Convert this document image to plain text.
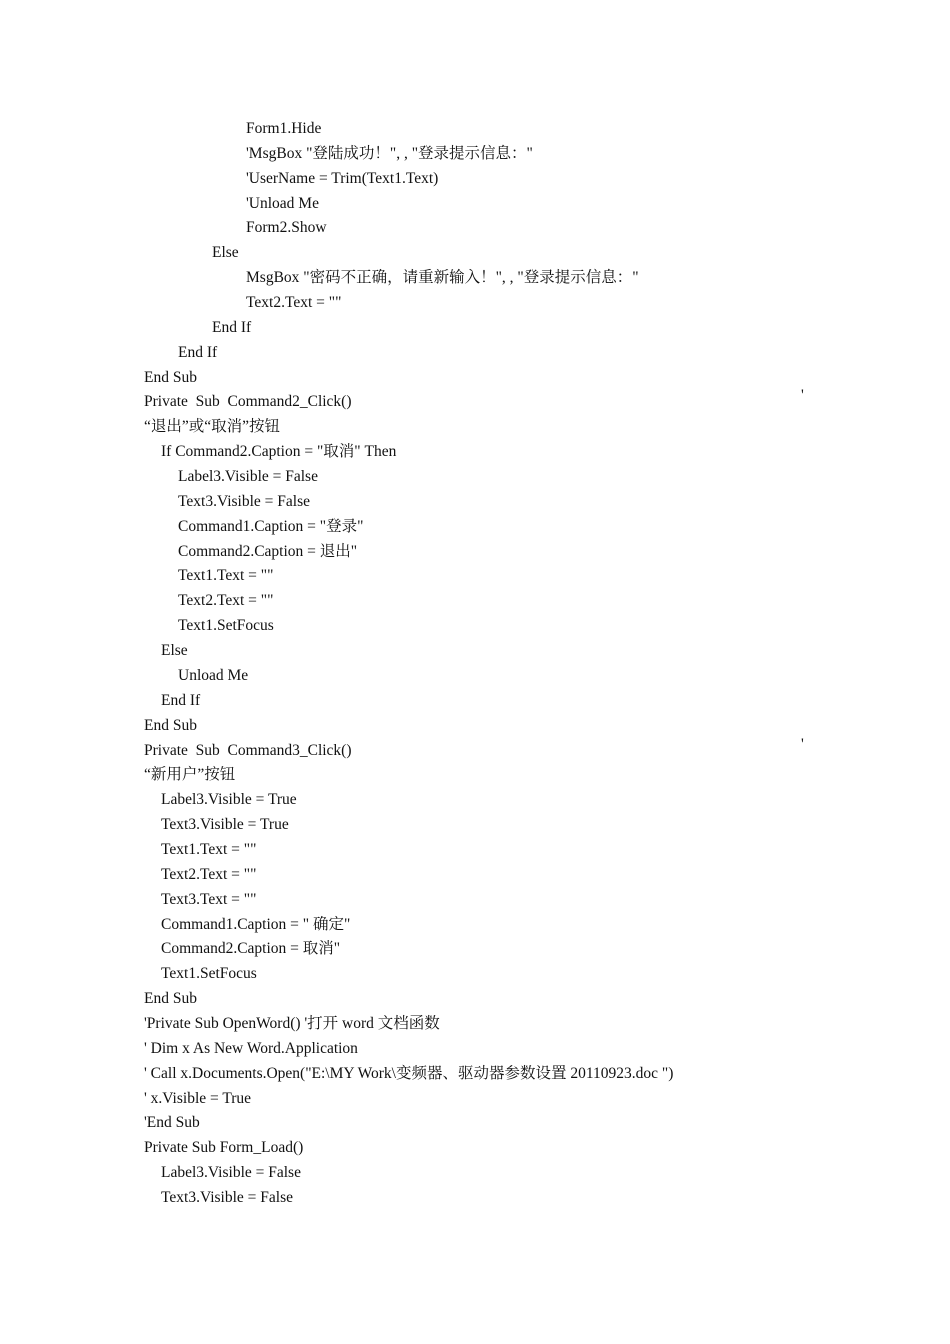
Form1.Hide
'MsgBox "登陆成功！", , "登录提示信息："
'UserName = Trim(Text1.Text)
'Unload Me
Form2.Show
Else
MsgBox "密码不正确，请重新输入！", , "登录提示信息："
Text2.Text = ""
End If
End If
End Sub
Private  Sub  Command2_Click()	'
“退出”或“取消”按钮
If Command2.Caption = "取消" Then
Label3.Visible = False
Text3.Visible = False
Command1.Caption = "登录"
Command2.Caption = 退出"
Text1.Text = ""
Text2.Text = ""
Text1.SetFocus
Else
Unload Me
End If
End Sub
Private  Sub  Command3_Click()	'
“新用户”按钮
Label3.Visible = True
Text3.Visible = True
Text1.Text = ""
Text2.Text = ""
Text3.Text = ""
Command1.Caption = " 确定"
Command2.Caption = 取消"
Text1.SetFocus
End Sub
'Private Sub OpenWord() '打开 word 文档函数
' Dim x As New Word.Application
' Call x.Documents.Open("E:\MY Work\变频器、驱动器参数设置 20110923.doc ")
' x.Visible = True
'End Sub
Private Sub Form_Load()
Label3.Visible = False
Text3.Visible = False
